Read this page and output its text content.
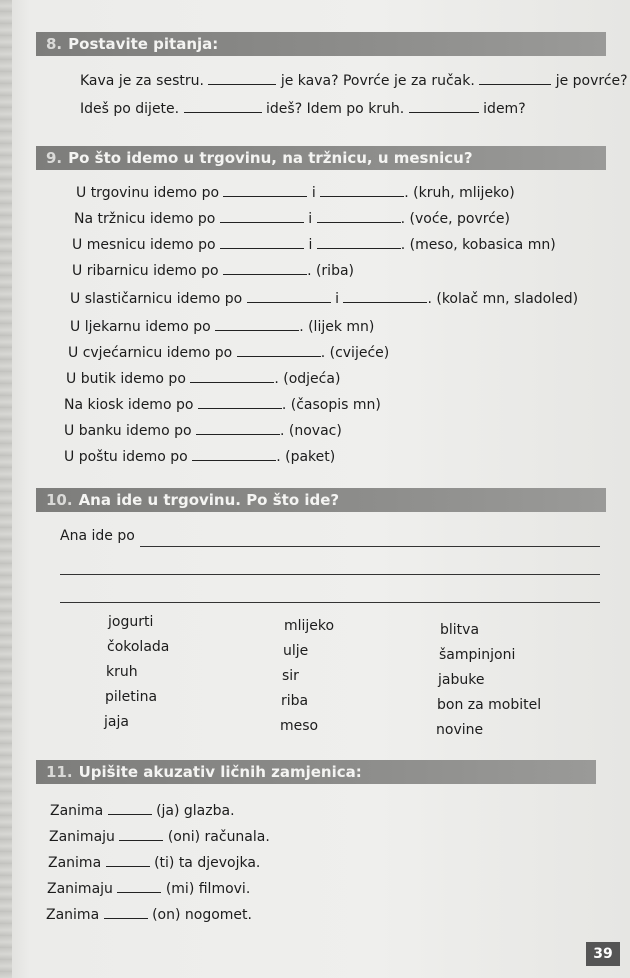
8. Postavite pitanja:
Kava je za sestru.	je kava? Povrće je za ručak.	je povrće?
Ideš po dijete.	ideš? Idem po kruh.	idem?
9. Po što idemo u trgovinu, na tržnicu, u mesnicu?
U trgovinu idemo po	i	. (kruh, mlijeko)
Na tržnicu idemo po	i	. (voće, povrće)
U mesnicu idemo po	i	. (meso, kobasica mn)
U ribarnicu idemo po	. (riba)
U slastičarnicu idemo po	i	. (kolač mn, sladoled)
U ljekarnu idemo po	. (lijek mn)
U cvjećarnicu idemo po	. (cvijeće)
U butik idemo po	. (odjeća)
Na kiosk idemo po	. (časopis mn)
U banku idemo po	. (novac)
U poštu idemo po	. (paket)
10. Ana ide u trgovinu. Po što ide?
Ana ide po
jogurti	mlijeko	blitva
čokolada	ulje	šampinjoni
kruh	sir	jabuke
piletina	riba	bon za mobitel
jaja	meso	novine
11. Upišite akuzativ ličnih zamjenica:
Zanima	(ja) glazba.
Zanimaju	(oni) računala.
Zanima	(ti) ta djevojka.
Zanimaju	(mi) filmovi.
Zanima	(on) nogomet.
39
